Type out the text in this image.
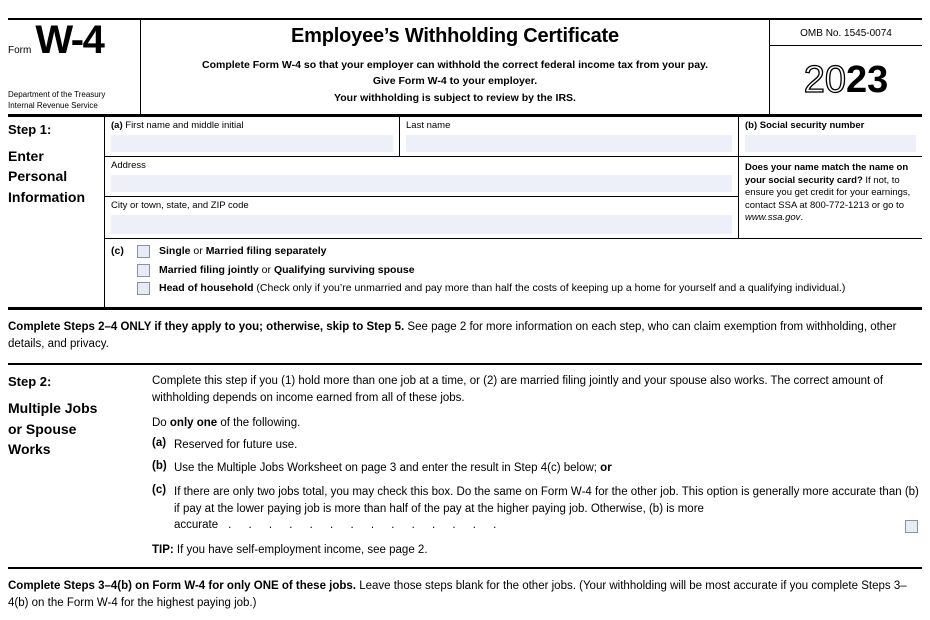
Form W-4
Department of the Treasury
Internal Revenue Service
Employee’s Withholding Certificate

Complete Form W-4 so that your employer can withhold the correct federal income tax from your pay.

Give Form W-4 to your employer.

Your withholding is subject to review by the IRS.

OMB No. 1545-0074
20 23
Step 1:
Enter
Personal
Information
(a) First name and middle initial	Last name
Address
City or town, state, and ZIP code
(b) Social security number
Does your name match the name on your social security card? If not, to ensure you get credit for your earnings, contact SSA at 800-772-1213 or go to www.ssa.gov.
(c)	Single or Married filing separately
Married filing jointly or Qualifying surviving spouse
Head of household (Check only if you’re unmarried and pay more than half the costs of keeping up a home for yourself and a qualifying individual.)

Complete Steps 2–4 ONLY if they apply to you; otherwise, skip to Step 5. See page 2 for more information on each step, who can claim exemption from withholding, other details, and privacy.

Step 2:
Multiple Jobs
or Spouse
Works

Complete this step if you (1) hold more than one job at a time, or (2) are married filing jointly and your spouse also works. The correct amount of withholding depends on income earned from all of these jobs.

Do only one of the following.

(a) Reserved for future use.
(b) Use the Multiple Jobs Worksheet on page 3 and enter the result in Step 4(c) below; or
(c) If there are only two jobs total, you may check this box. Do the same on Form W-4 for the other job. This option is generally more accurate than (b) if pay at the lower paying job is more than half of the pay at the higher paying job. Otherwise, (b) is more accurate . . . . . . . . . . . . . .

TIP: If you have self-employment income, see page 2.

Complete Steps 3–4(b) on Form W-4 for only ONE of these jobs. Leave those steps blank for the other jobs. (Your withholding will be most accurate if you complete Steps 3–4(b) on the Form W-4 for the highest paying job.)
